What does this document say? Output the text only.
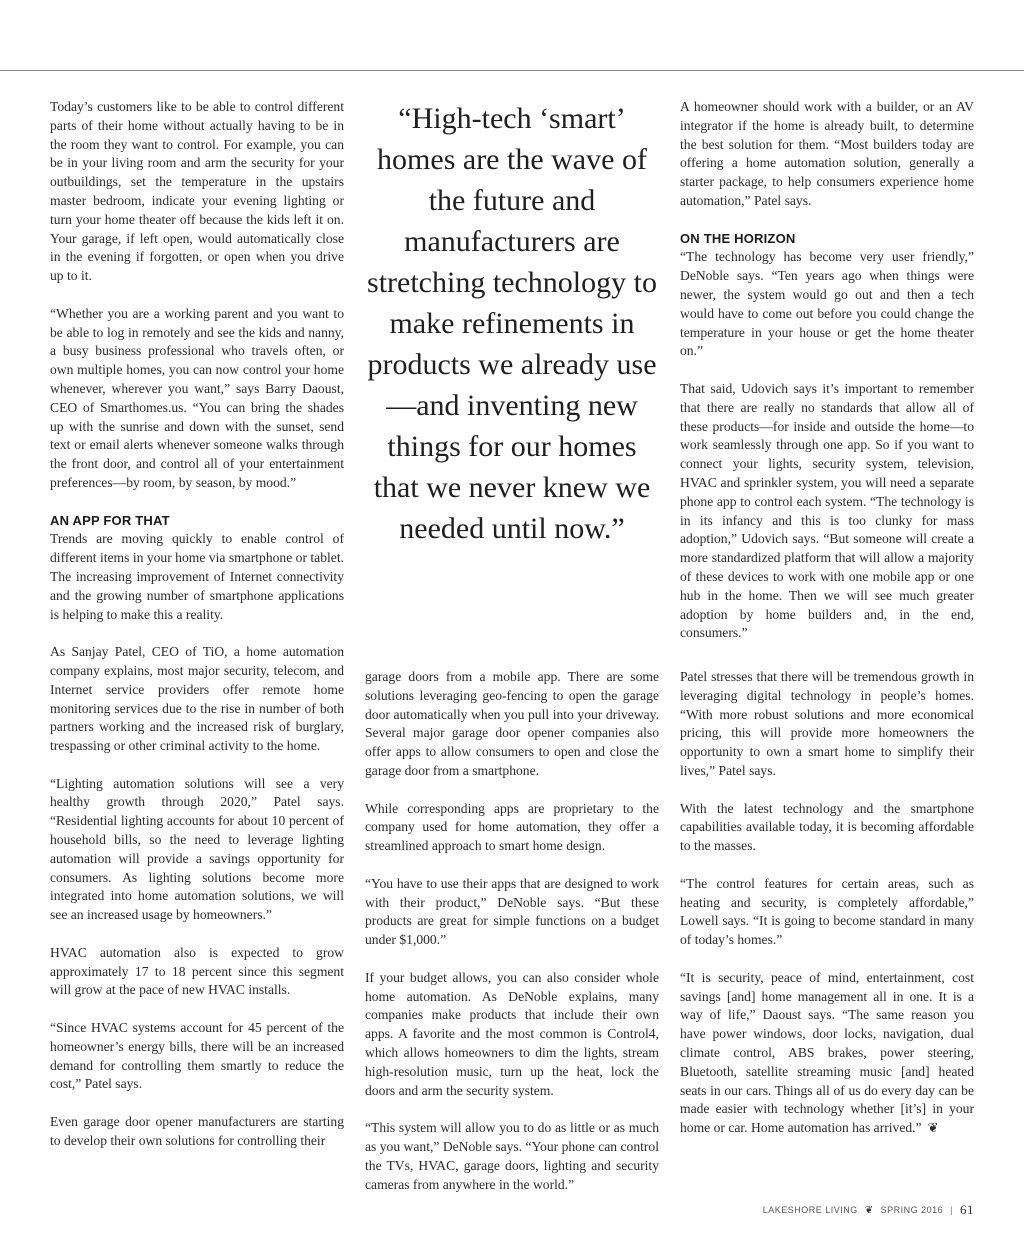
Today’s customers like to be able to control different parts of their home without actually having to be in the room they want to control. For example, you can be in your living room and arm the security for your outbuildings, set the temperature in the upstairs master bedroom, indicate your evening lighting or turn your home theater off because the kids left it on. Your garage, if left open, would automatically close in the evening if forgotten, or open when you drive up to it.

“Whether you are a working parent and you want to be able to log in remotely and see the kids and nanny, a busy business professional who travels often, or own multiple homes, you can now control your home whenever, wherever you want,” says Barry Daoust, CEO of Smarthomes.us. “You can bring the shades up with the sunrise and down with the sunset, send text or email alerts whenever someone walks through the front door, and control all of your entertainment preferences—by room, by season, by mood.”

AN APP FOR THAT

Trends are moving quickly to enable control of different items in your home via smartphone or tablet. The increasing improvement of Internet connectivity and the growing number of smartphone applications is helping to make this a reality.

As Sanjay Patel, CEO of TiO, a home automation company explains, most major security, telecom, and Internet service providers offer remote home monitoring services due to the rise in number of both partners working and the increased risk of burglary, trespassing or other criminal activity to the home.

“Lighting automation solutions will see a very healthy growth through 2020,” Patel says. “Residential lighting accounts for about 10 percent of household bills, so the need to leverage lighting automation will provide a savings opportunity for consumers. As lighting solutions become more integrated into home automation solutions, we will see an increased usage by homeowners.”

HVAC automation also is expected to grow approximately 17 to 18 percent since this segment will grow at the pace of new HVAC installs.

“Since HVAC systems account for 45 percent of the homeowner’s energy bills, there will be an increased demand for controlling them smartly to reduce the cost,” Patel says.

Even garage door opener manufacturers are starting to develop their own solutions for controlling their

“High-tech ‘smart’ homes are the wave of the future and manufacturers are stretching technology to make refinements in products we already use—and inventing new things for our homes that we never knew we needed until now.”

garage doors from a mobile app. There are some solutions leveraging geo-fencing to open the garage door automatically when you pull into your driveway. Several major garage door opener companies also offer apps to allow consumers to open and close the garage door from a smartphone.

While corresponding apps are proprietary to the company used for home automation, they offer a streamlined approach to smart home design.

“You have to use their apps that are designed to work with their product,” DeNoble says. “But these products are great for simple functions on a budget under $1,000.”

If your budget allows, you can also consider whole home automation. As DeNoble explains, many companies make products that include their own apps. A favorite and the most common is Control4, which allows homeowners to dim the lights, stream high-resolution music, turn up the heat, lock the doors and arm the security system.

“This system will allow you to do as little or as much as you want,” DeNoble says. “Your phone can control the TVs, HVAC, garage doors, lighting and security cameras from anywhere in the world.”

A homeowner should work with a builder, or an AV integrator if the home is already built, to determine the best solution for them. “Most builders today are offering a home automation solution, generally a starter package, to help consumers experience home automation,” Patel says.

ON THE HORIZON

“The technology has become very user friendly,” DeNoble says. “Ten years ago when things were newer, the system would go out and then a tech would have to come out before you could change the temperature in your house or get the home theater on.”

That said, Udovich says it’s important to remember that there are really no standards that allow all of these products—for inside and outside the home—to work seamlessly through one app. So if you want to connect your lights, security system, television, HVAC and sprinkler system, you will need a separate phone app to control each system. “The technology is in its infancy and this is too clunky for mass adoption,” Udovich says. “But someone will create a more standardized platform that will allow a majority of these devices to work with one mobile app or one hub in the home. Then we will see much greater adoption by home builders and, in the end, consumers.”

Patel stresses that there will be tremendous growth in leveraging digital technology in people’s homes. “With more robust solutions and more economical pricing, this will provide more homeowners the opportunity to own a smart home to simplify their lives,” Patel says.

With the latest technology and the smartphone capabilities available today, it is becoming affordable to the masses.

“The control features for certain areas, such as heating and security, is completely affordable,” Lowell says. “It is going to become standard in many of today’s homes.”

“It is security, peace of mind, entertainment, cost savings [and] home management all in one. It is a way of life,” Daoust says. “The same reason you have power windows, door locks, navigation, dual climate control, ABS brakes, power steering, Bluetooth, satellite streaming music [and] heated seats in our cars. Things all of us do every day can be made easier with technology whether [it’s] in your home or car. Home automation has arrived.” ❦

LAKESHORE LIVING ❦ SPRING 2016 | 61
